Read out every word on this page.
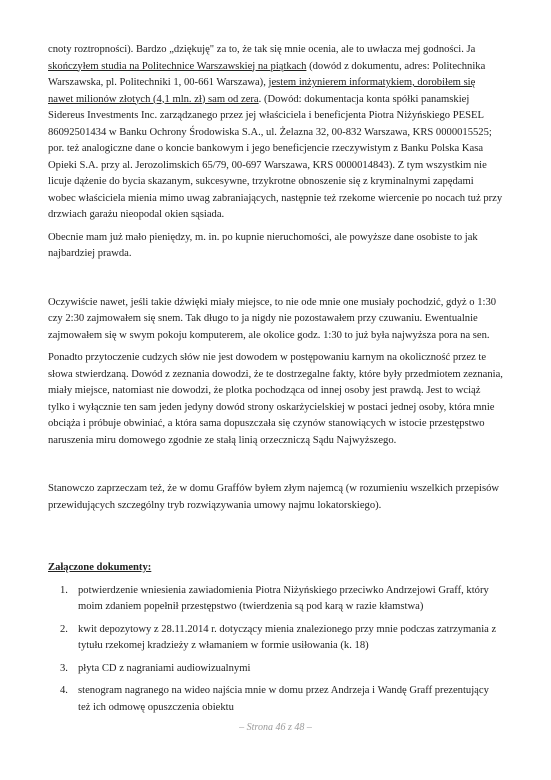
cnoty roztropności). Bardzo „dziękuję" za to, że tak się mnie ocenia, ale to uwłacza mej godności. Ja skończyłem studia na Politechnice Warszawskiej na piątkach (dowód z dokumentu, adres: Politechnika Warszawska, pl. Politechniki 1, 00-661 Warszawa), jestem inżynierem informatykiem, dorobiłem się nawet milionów złotych (4,1 mln. zł) sam od zera. (Dowód: dokumentacja konta spółki panamskiej Sidereus Investments Inc. zarządzanego przez jej właściciela i beneficjenta Piotra Niżyńskiego PESEL 86092501434 w Banku Ochrony Środowiska S.A., ul. Żelazna 32, 00-832 Warszawa, KRS 0000015525; por. też analogiczne dane o koncie bankowym i jego beneficjencie rzeczywistym z Banku Polska Kasa Opieki S.A. przy al. Jerozolimskich 65/79, 00-697 Warszawa, KRS 0000014843). Z tym wszystkim nie licuje dążenie do bycia skazanym, sukcesywne, trzykrotne obnoszenie się z kryminalnymi zapędami wobec właściciela mienia mimo uwag zabraniających, następnie też rzekome wiercenie po nocach tuż przy drzwiach garażu nieopodal okien sąsiada.

Obecnie mam już mało pieniędzy, m. in. po kupnie nieruchomości, ale powyższe dane osobiste to jak najbardziej prawda.

Oczywiście nawet, jeśli takie dźwięki miały miejsce, to nie ode mnie one musiały pochodzić, gdyż o 1:30 czy 2:30 zajmowałem się snem. Tak długo to ja nigdy nie pozostawałem przy czuwaniu. Ewentualnie zajmowałem się w swym pokoju komputerem, ale okolice godz. 1:30 to już była najwyższa pora na sen.

Ponadto przytoczenie cudzych słów nie jest dowodem w postępowaniu karnym na okoliczność przez te słowa stwierdzaną. Dowód z zeznania dowodzi, że te dostrzegalne fakty, które były przedmiotem zeznania, miały miejsce, natomiast nie dowodzi, że plotka pochodząca od innej osoby jest prawdą. Jest to wciąż tylko i wyłącznie ten sam jeden jedyny dowód strony oskarżycielskiej w postaci jednej osoby, która mnie obciąża i próbuje obwiniać, a która sama dopuszczała się czynów stanowiących w istocie przestępstwo naruszenia miru domowego zgodnie ze stałą linią orzeczniczą Sądu Najwyższego.

Stanowczo zaprzeczam też, że w domu Graffów byłem złym najemcą (w rozumieniu wszelkich przepisów przewidujących szczególny tryb rozwiązywania umowy najmu lokatorskiego).

Załączone dokumenty:

1. potwierdzenie wniesienia zawiadomienia Piotra Niżyńskiego przeciwko Andrzejowi Graff, który moim zdaniem popełnił przestępstwo (twierdzenia są pod karą w razie kłamstwa)
2. kwit depozytowy z 28.11.2014 r. dotyczący mienia znalezionego przy mnie podczas zatrzymania z tytułu rzekomej kradzieży z włamaniem w formie usiłowania (k. 18)
3. płyta CD z nagraniami audiowizualnymi
4. stenogram nagranego na wideo najścia mnie w domu przez Andrzeja i Wandę Graff prezentujący też ich odmowę opuszczenia obiektu
– Strona 46 z 48 –
